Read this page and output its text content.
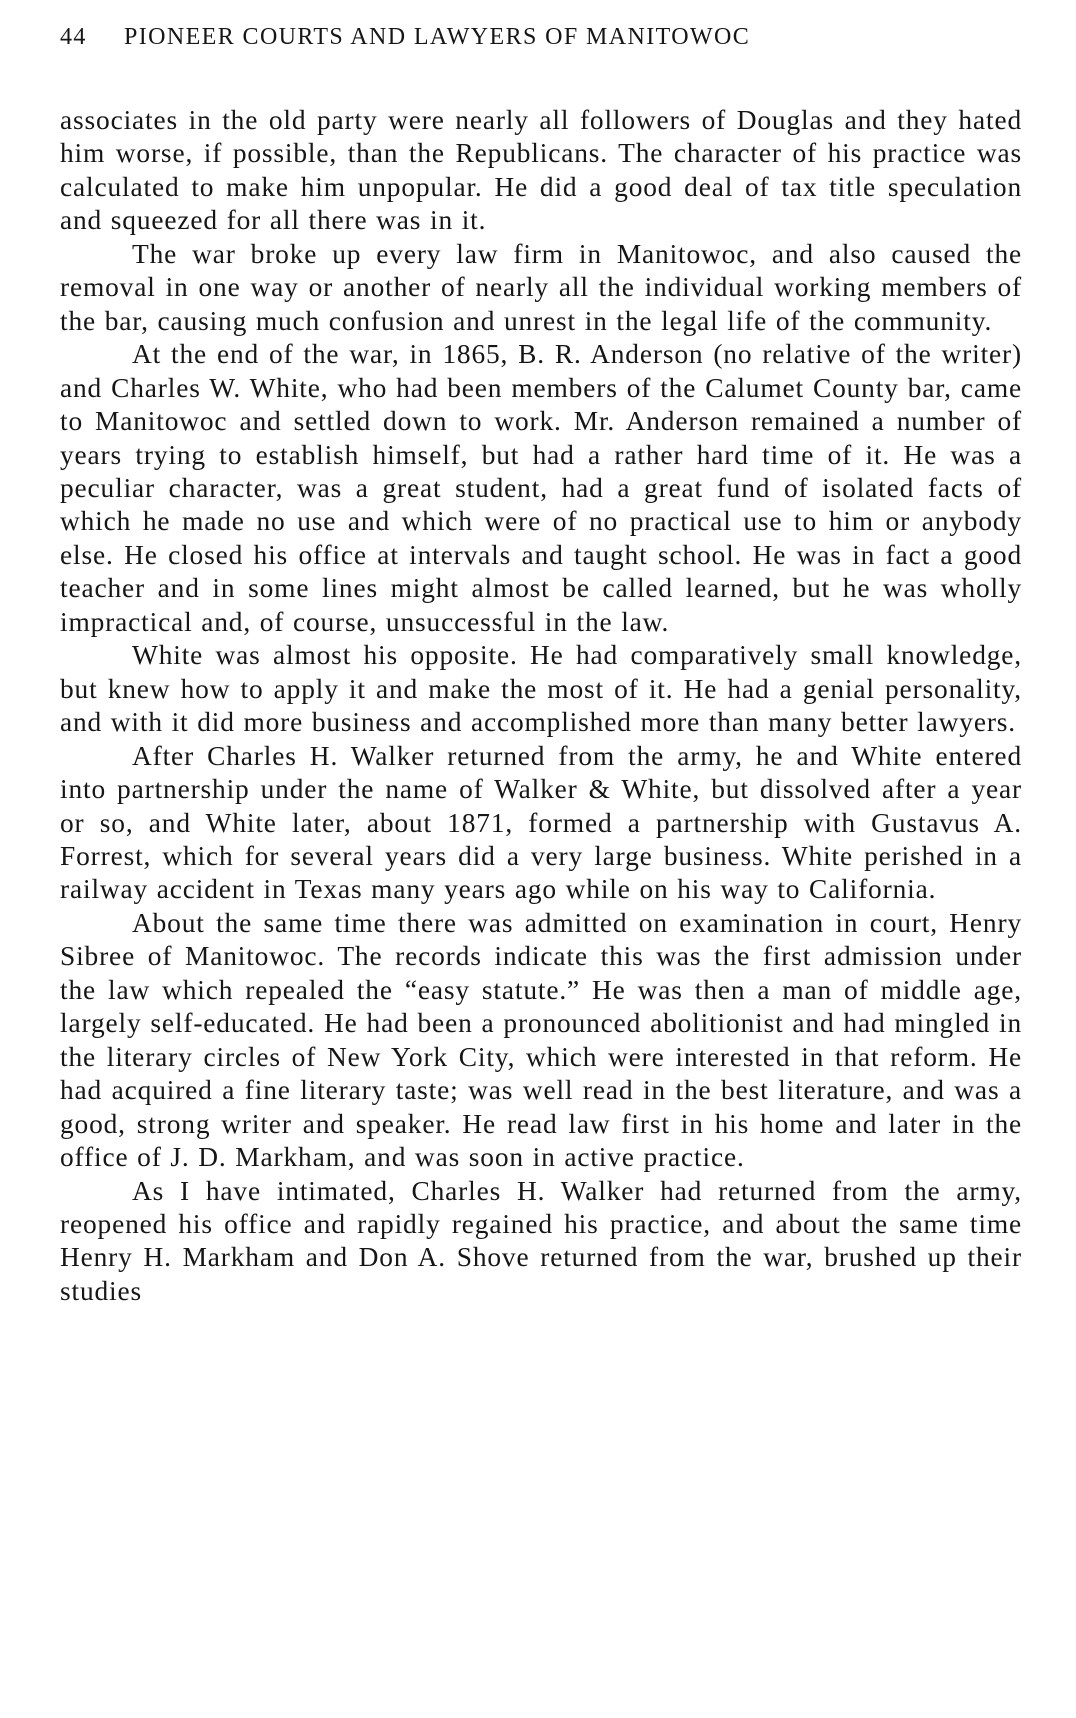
44	PIONEER COURTS AND LAWYERS OF MANITOWOC

associates in the old party were nearly all followers of Douglas and they hated him worse, if possible, than the Republicans. The character of his practice was calculated to make him unpopular. He did a good deal of tax title speculation and squeezed for all there was in it.

The war broke up every law firm in Manitowoc, and also caused the removal in one way or another of nearly all the individual working members of the bar, causing much confusion and unrest in the legal life of the community.

At the end of the war, in 1865, B. R. Anderson (no relative of the writer) and Charles W. White, who had been members of the Calumet County bar, came to Manitowoc and settled down to work. Mr. Anderson remained a number of years trying to establish himself, but had a rather hard time of it. He was a peculiar character, was a great student, had a great fund of isolated facts of which he made no use and which were of no practical use to him or anybody else. He closed his office at intervals and taught school. He was in fact a good teacher and in some lines might almost be called learned, but he was wholly impractical and, of course, unsuccessful in the law.

White was almost his opposite. He had comparatively small knowledge, but knew how to apply it and make the most of it. He had a genial personality, and with it did more business and accomplished more than many better lawyers.

After Charles H. Walker returned from the army, he and White entered into partnership under the name of Walker & White, but dissolved after a year or so, and White later, about 1871, formed a partnership with Gustavus A. Forrest, which for several years did a very large business. White perished in a railway accident in Texas many years ago while on his way to California.

About the same time there was admitted on examination in court, Henry Sibree of Manitowoc. The records indicate this was the first admission under the law which repealed the “easy statute.” He was then a man of middle age, largely self-educated. He had been a pronounced abolitionist and had mingled in the literary circles of New York City, which were interested in that reform. He had acquired a fine literary taste; was well read in the best literature, and was a good, strong writer and speaker. He read law first in his home and later in the office of J. D. Markham, and was soon in active practice.

As I have intimated, Charles H. Walker had returned from the army, reopened his office and rapidly regained his practice, and about the same time Henry H. Markham and Don A. Shove returned from the war, brushed up their studies
